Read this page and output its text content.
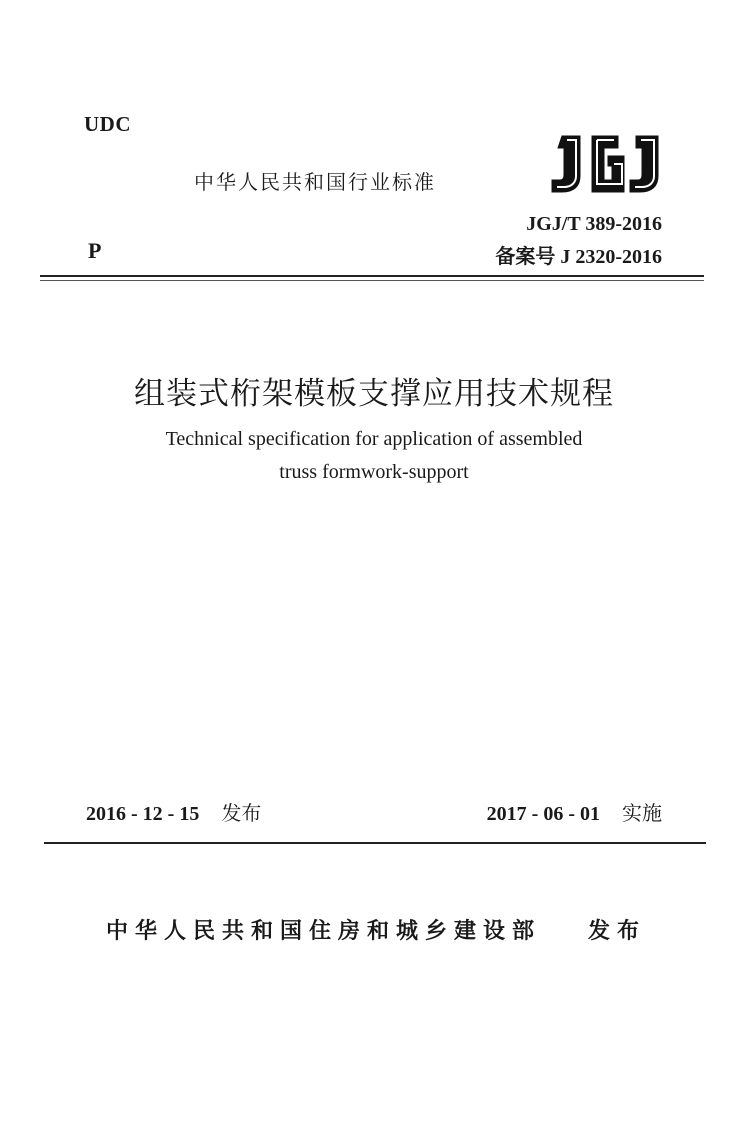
UDC
中华人民共和国行业标准
JGJ/T 389-2016
P	备案号 J 2320-2016
组装式桁架模板支撑应用技术规程
Technical specification for application of assembled
truss formwork-support
2016 - 12 - 15 发布	2017 - 06 - 01 实施
中华人民共和国住房和城乡建设部 发布
